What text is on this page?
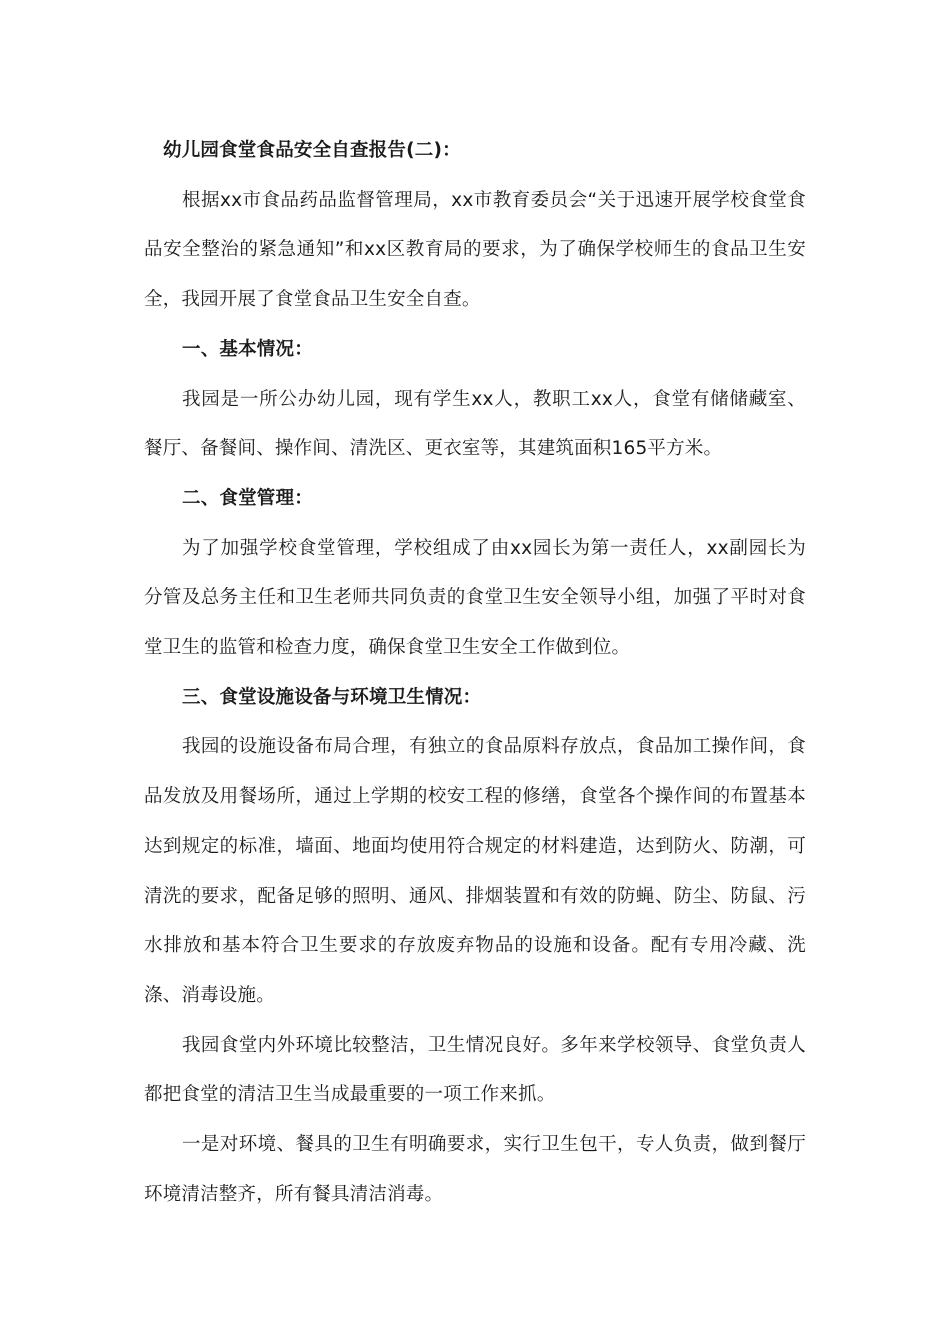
幼儿园食堂食品安全自查报告(二)：

根据xx市食品药品监督管理局，xx市教育委员会“关于迅速开展学校食堂食品安全整治的紧急通知”和xx区教育局的要求，为了确保学校师生的食品卫生安全，我园开展了食堂食品卫生安全自查。

一、基本情况：

我园是一所公办幼儿园，现有学生xx人，教职工xx人，食堂有储储藏室、餐厅、备餐间、操作间、清洗区、更衣室等，其建筑面积165平方米。

二、食堂管理：

为了加强学校食堂管理，学校组成了由xx园长为第一责任人，xx副园长为分管及总务主任和卫生老师共同负责的食堂卫生安全领导小组，加强了平时对食堂卫生的监管和检查力度，确保食堂卫生安全工作做到位。

三、食堂设施设备与环境卫生情况：

我园的设施设备布局合理，有独立的食品原料存放点，食品加工操作间，食品发放及用餐场所，通过上学期的校安工程的修缮，食堂各个操作间的布置基本达到规定的标准，墙面、地面均使用符合规定的材料建造，达到防火、防潮，可清洗的要求，配备足够的照明、通风、排烟装置和有效的防蝇、防尘、防鼠、污水排放和基本符合卫生要求的存放废弃物品的设施和设备。配有专用冷藏、洗涤、消毒设施。

我园食堂内外环境比较整洁，卫生情况良好。多年来学校领导、食堂负责人都把食堂的清洁卫生当成最重要的一项工作来抓。

一是对环境、餐具的卫生有明确要求，实行卫生包干，专人负责，做到餐厅环境清洁整齐，所有餐具清洁消毒。
